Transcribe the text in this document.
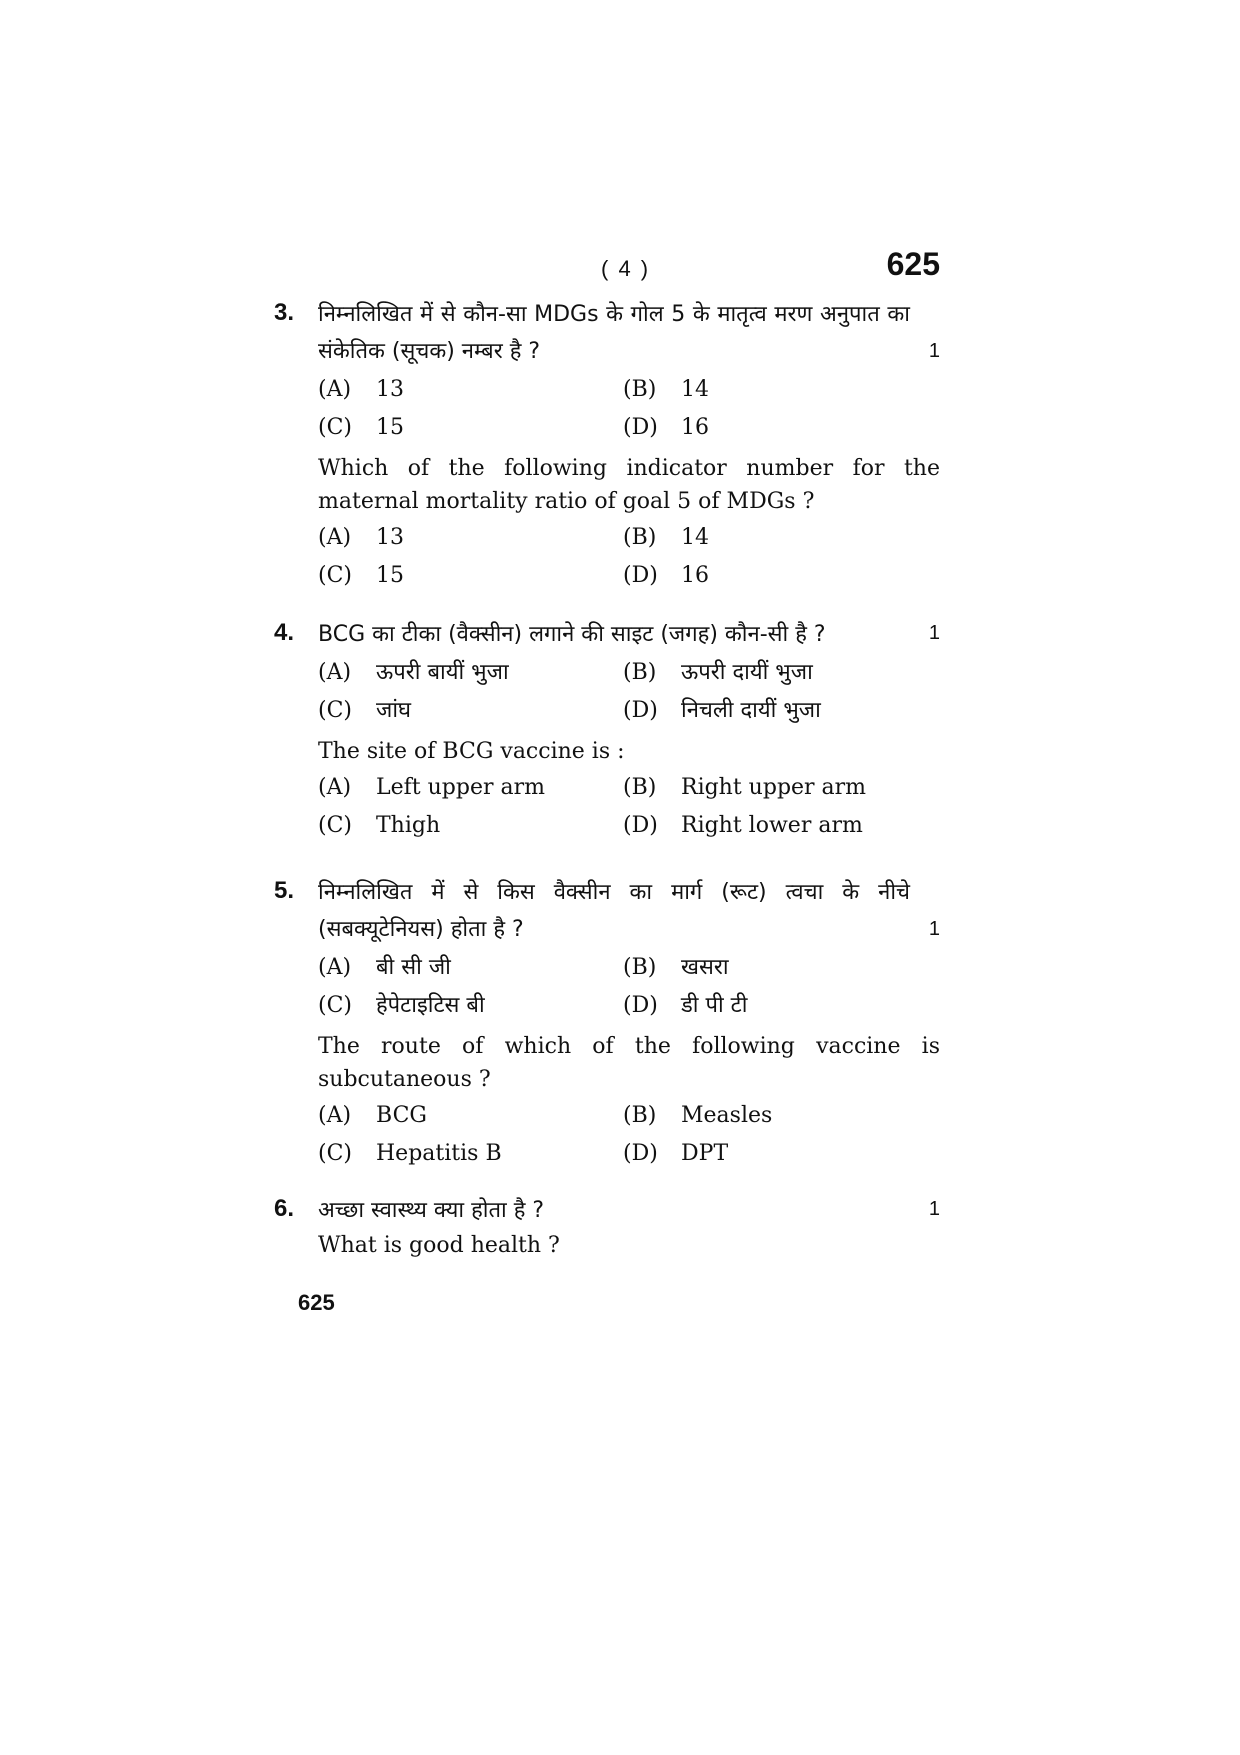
( 4 )	625
3.
1

निम्नलिखित में से कौन-सा MDGs के गोल 5 के मातृत्व मरण अनुपात का संकेतिक (सूचक) नम्बर है ?

(A)	13	(B)	14
(C)	15	(D)	16

Which of the following indicator number for the maternal mortality ratio of goal 5 of MDGs ?

(A)	13	(B)	14
(C)	15	(D)	16
4.	1

BCG का टीका (वैक्सीन) लगाने की साइट (जगह) कौन-सी है ?

(A)	ऊपरी बायीं भुजा	(B)	ऊपरी दायीं भुजा
(C)	जांघ	(D)	निचली दायीं भुजा

The site of BCG vaccine is :

(A)	Left upper arm	(B)	Right upper arm
(C)	Thigh	(D)	Right lower arm
5.
1

निम्नलिखित में से किस वैक्सीन का मार्ग (रूट) त्वचा के नीचे (सबक्यूटेनियस) होता है ?

(A)	बी सी जी	(B)	खसरा
(C)	हेपेटाइटिस बी	(D)	डी पी टी

The route of which of the following vaccine is subcutaneous ?

(A)	BCG	(B)	Measles
(C)	Hepatitis B	(D)	DPT
6.	1

अच्छा स्वास्थ्य क्या होता है ?

What is good health ?

625
